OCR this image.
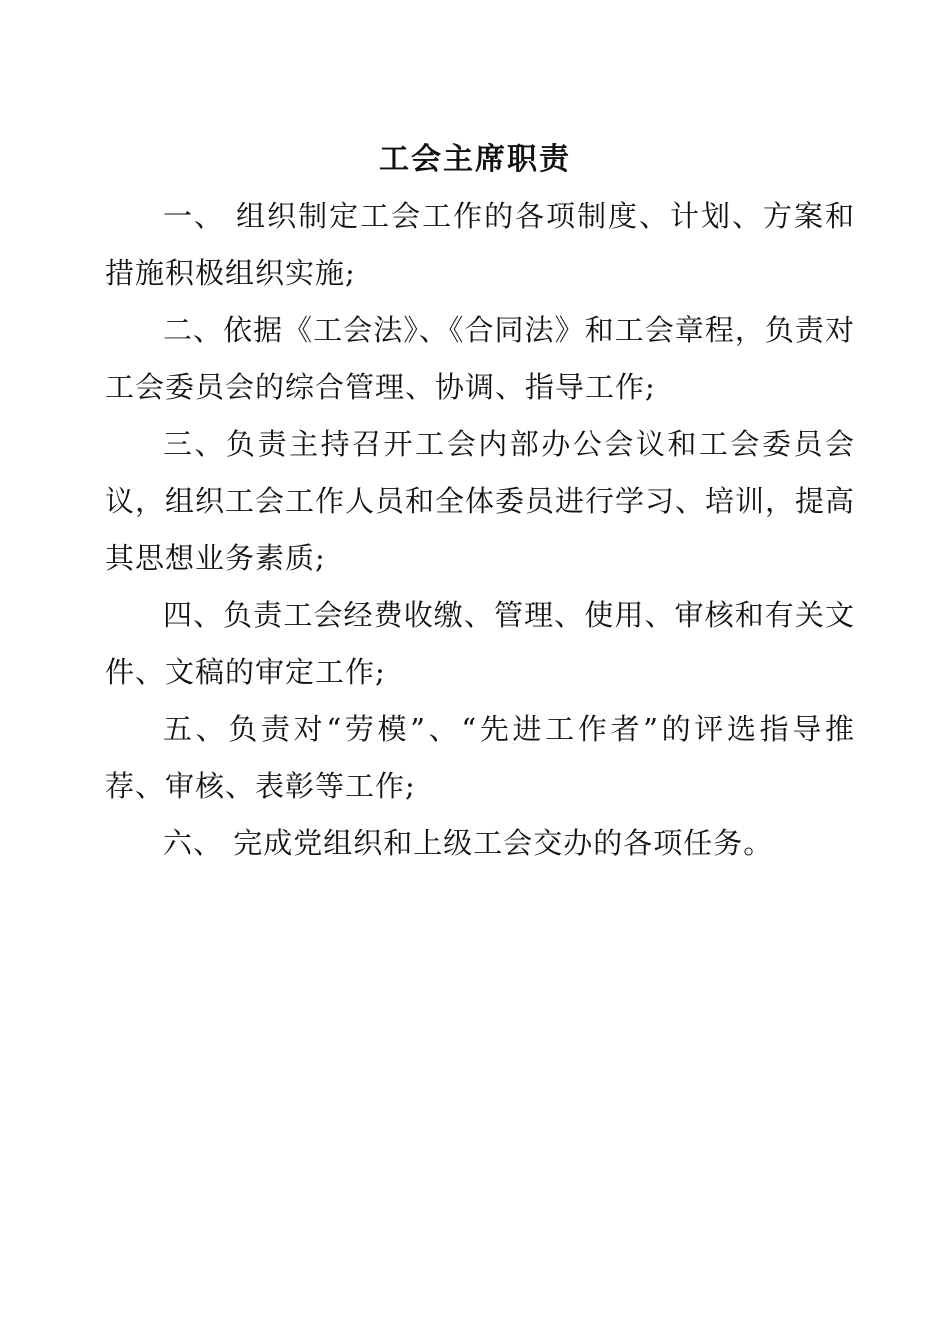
工会主席职责

一、 组织制定工会工作的各项制度、计划、方案和措施积极组织实施;

二、依据《工会法》、《合同法》和工会章程，负责对工会委员会的综合管理、协调、指导工作;

三、负责主持召开工会内部办公会议和工会委员会议，组织工会工作人员和全体委员进行学习、培训，提高其思想业务素质;

四、负责工会经费收缴、管理、使用、审核和有关文件、文稿的审定工作;

五、负责对“劳模”、“先进工作者”的评选指导推荐、审核、表彰等工作;

六、 完成党组织和上级工会交办的各项任务。
